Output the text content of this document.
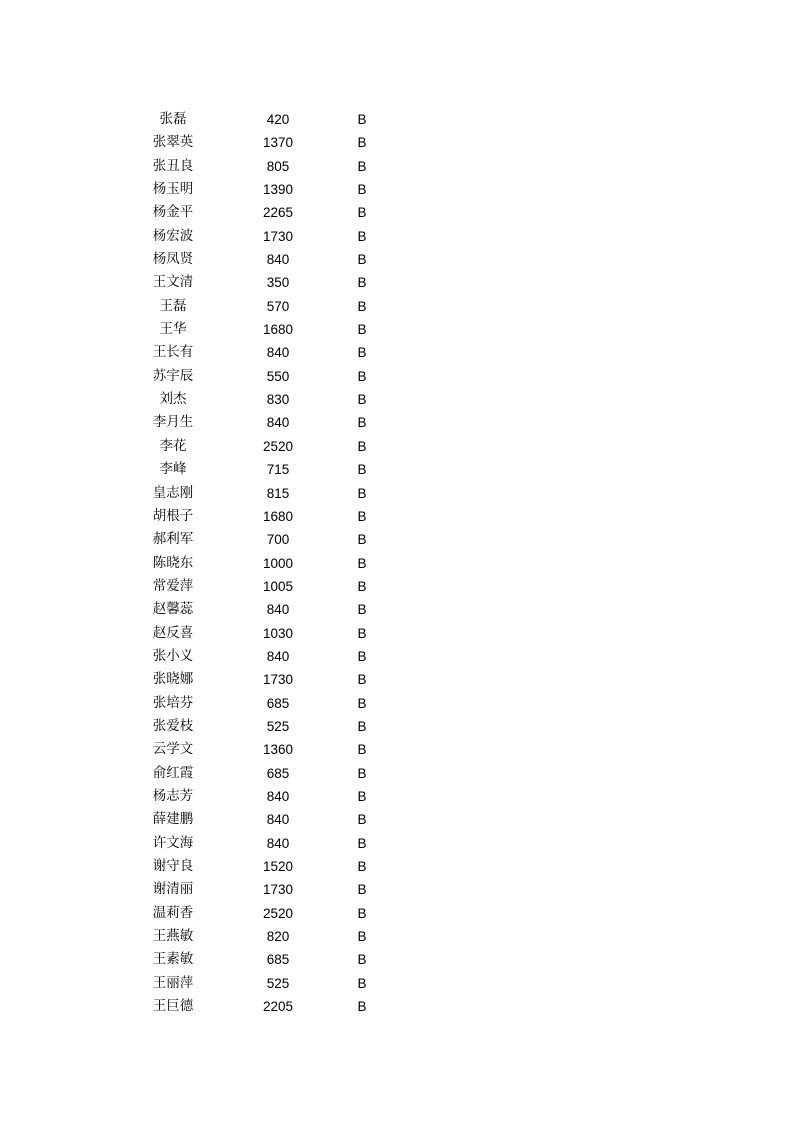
张磊	420	B
张翠英	1370	B
张丑良	805	B
杨玉明	1390	B
杨金平	2265	B
杨宏波	1730	B
杨凤贤	840	B
王文清	350	B
王磊	570	B
王华	1680	B
王长有	840	B
苏宇辰	550	B
刘杰	830	B
李月生	840	B
李花	2520	B
李峰	715	B
皇志刚	815	B
胡根子	1680	B
郝利军	700	B
陈晓东	1000	B
常爱萍	1005	B
赵馨蕊	840	B
赵反喜	1030	B
张小义	840	B
张晓娜	1730	B
张培芬	685	B
张爱枝	525	B
云学文	1360	B
俞红霞	685	B
杨志芳	840	B
薛建鹏	840	B
许文海	840	B
谢守良	1520	B
谢清丽	1730	B
温莉香	2520	B
王燕敏	820	B
王素敏	685	B
王丽萍	525	B
王巨德	2205	B
